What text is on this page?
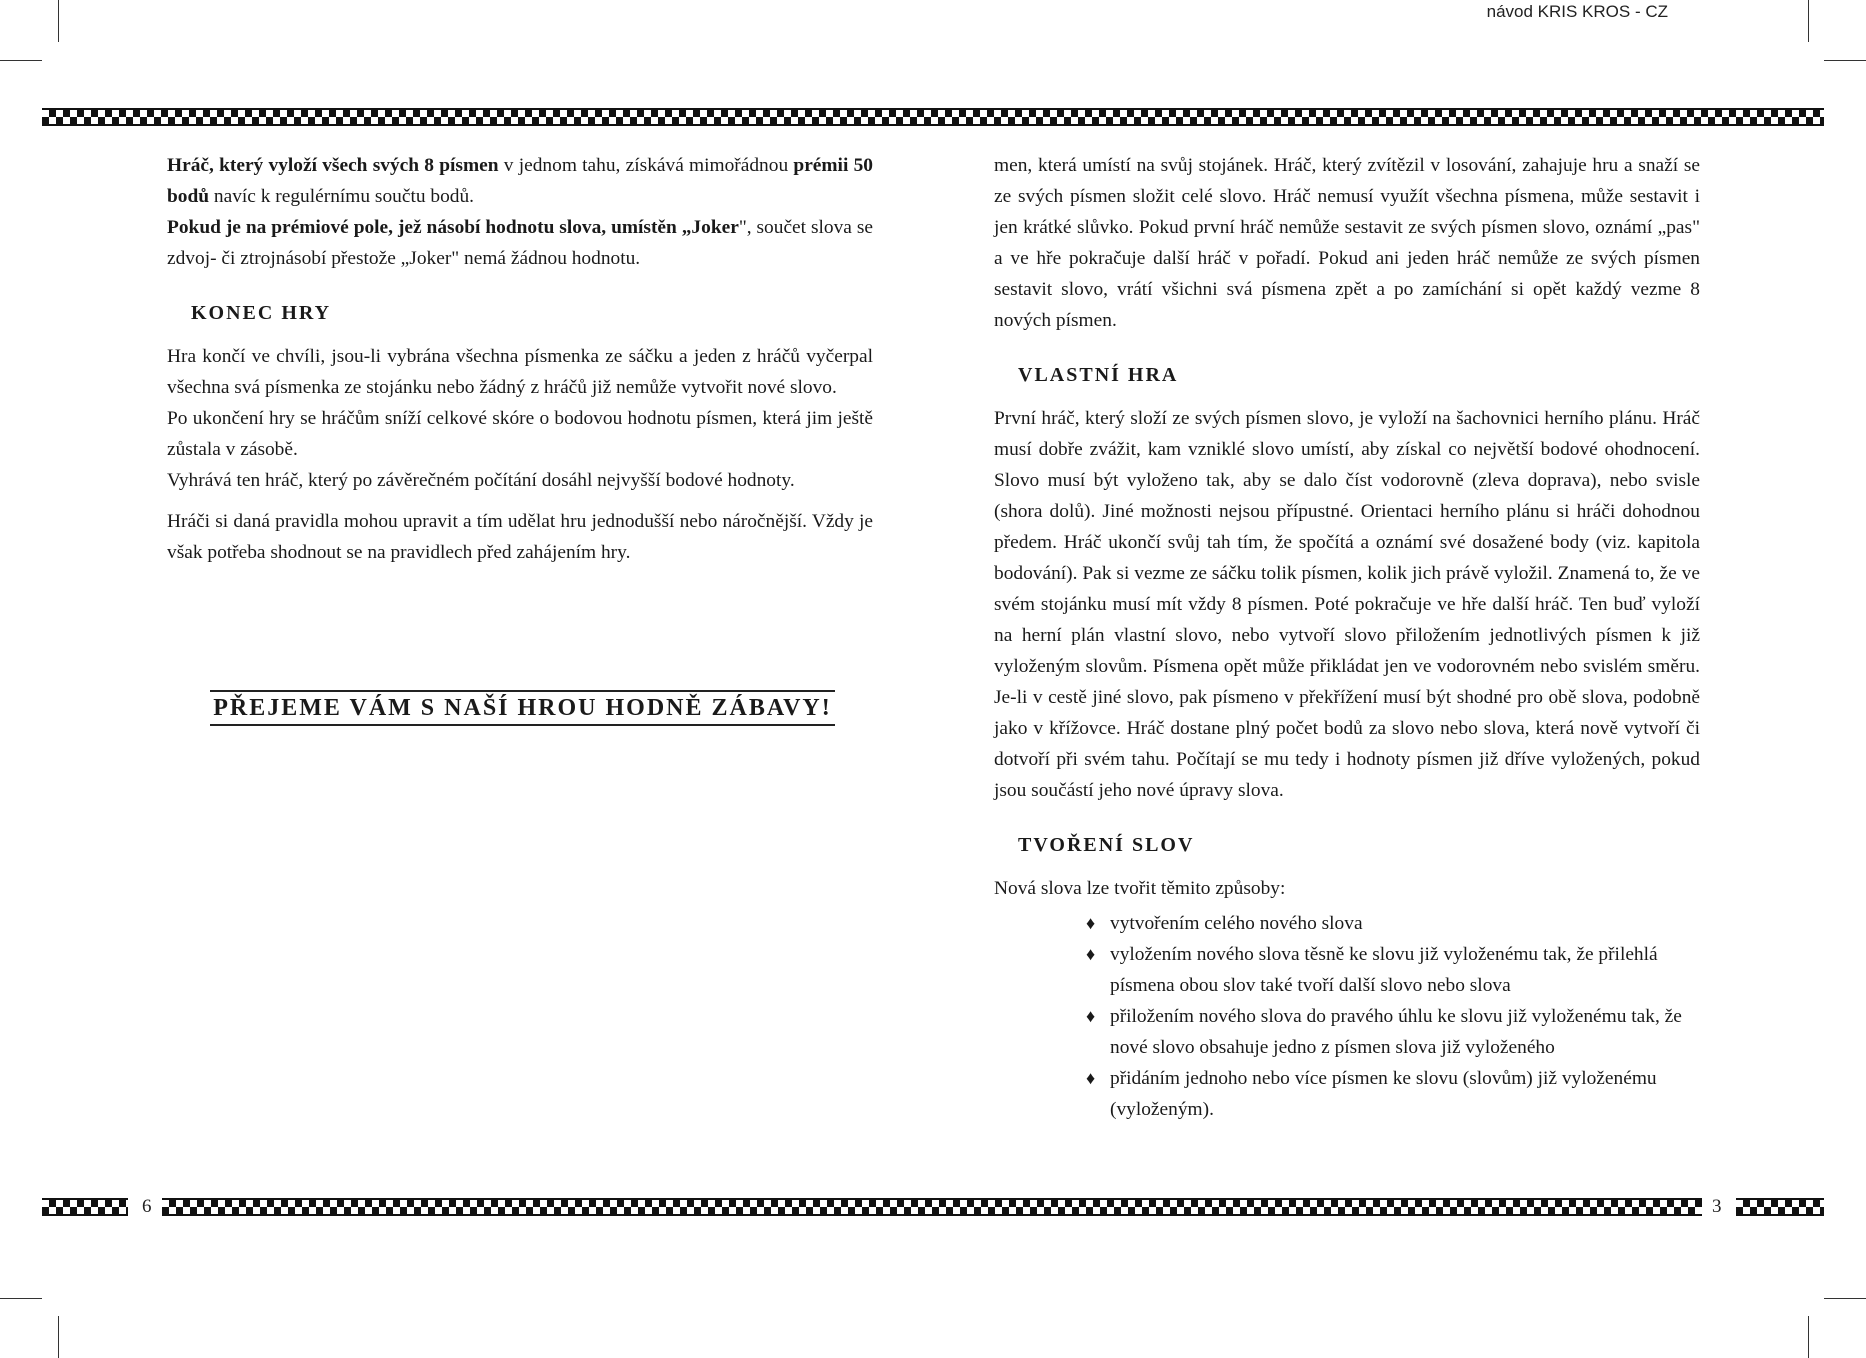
návod KRIS KROS - CZ
6	3

Hráč, který vyloží všech svých 8 písmen v jednom tahu, získává mimořádnou prémii 50 bodů navíc k regulérnímu součtu bodů.

Pokud je na prémiové pole, jež násobí hodnotu slova, umístěn „Joker", součet slova se zdvoj- či ztrojnásobí přestože „Joker" nemá žádnou hodnotu.

KONEC HRY

Hra končí ve chvíli, jsou-li vybrána všechna písmenka ze sáčku a jeden z hráčů vyčerpal všechna svá písmenka ze stojánku nebo žádný z hráčů již nemůže vytvořit nové slovo.

Po ukončení hry se hráčům sníží celkové skóre o bodovou hodnotu písmen, která jim ještě zůstala v zásobě.

Vyhrává ten hráč, který po závěrečném počítání dosáhl nejvyšší bodové hodnoty.

Hráči si daná pravidla mohou upravit a tím udělat hru jednodušší nebo náročnější. Vždy je však potřeba shodnout se na pravidlech před zahájením hry.

PŘEJEME VÁM S NAŠÍ HROU HODNĚ ZÁBAVY!

men, která umístí na svůj stojánek. Hráč, který zvítězil v losování, zahajuje hru a snaží se ze svých písmen složit celé slovo. Hráč nemusí využít všechna písmena, může sestavit i jen krátké slůvko. Pokud první hráč nemůže sestavit ze svých písmen slovo, oznámí „pas" a ve hře pokračuje další hráč v pořadí. Pokud ani jeden hráč nemůže ze svých písmen sestavit slovo, vrátí všichni svá písmena zpět a po zamíchání si opět každý vezme 8 nových písmen.

VLASTNÍ HRA

První hráč, který složí ze svých písmen slovo, je vyloží na šachovnici herního plánu. Hráč musí dobře zvážit, kam vzniklé slovo umístí, aby získal co největší bodové ohodnocení. Slovo musí být vyloženo tak, aby se dalo číst vodorovně (zleva doprava), nebo svisle (shora dolů). Jiné možnosti nejsou přípustné. Orientaci herního plánu si hráči dohodnou předem. Hráč ukončí svůj tah tím, že spočítá a oznámí své dosažené body (viz. kapitola bodování). Pak si vezme ze sáčku tolik písmen, kolik jich právě vyložil. Znamená to, že ve svém stojánku musí mít vždy 8 písmen. Poté pokračuje ve hře další hráč. Ten buď vyloží na herní plán vlastní slovo, nebo vytvoří slovo přiložením jednotlivých písmen k již vyloženým slovům. Písmena opět může přikládat jen ve vodorovném nebo svislém směru. Je-li v cestě jiné slovo, pak písmeno v překřížení musí být shodné pro obě slova, podobně jako v křížovce. Hráč dostane plný počet bodů za slovo nebo slova, která nově vytvoří či dotvoří při svém tahu. Počítají se mu tedy i hodnoty písmen již dříve vyložených, pokud jsou součástí jeho nové úpravy slova.

TVOŘENÍ SLOV

Nová slova lze tvořit těmito způsoby:

♦ vytvořením celého nového slova
♦ vyložením nového slova těsně ke slovu již vyloženému tak, že přilehlá písmena obou slov také tvoří další slovo nebo slova
♦ přiložením nového slova do pravého úhlu ke slovu již vyloženému tak, že nové slovo obsahuje jedno z písmen slova již vyloženého
♦ přidáním jednoho nebo více písmen ke slovu (slovům) již vyloženému (vyloženým).
